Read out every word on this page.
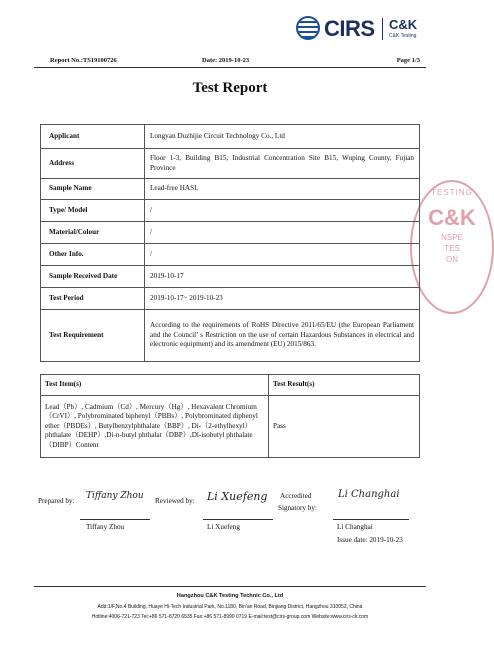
TESTING
C&K
NSPE
TES
ON
CIRS C&K
C&K Testing
Report No.:TS19100726	Date: 2019-10-23	Page 1/3
Test Report
Applicant	Longyan Duzhijie Circuit Technology Co., Ltd
Address	Floor 1-3, Building B15, Industrial Concentration Site B15, Wuping County, Fujian Province
Sample Name	Lead-free HASL
Type/ Model	/
Material/Colour	/
Other Info.	/
Sample Received Date	2019-10-17
Test Period	2019-10-17~ 2019-10-23
Test Requirement	According to the requirements of RoHS Directive 2011/65/EU (the European Parliament and the Council’ s Restriction on the use of certain Hazardous Substances in electrical and electronic equipment) and its amendment (EU) 2015/863.
Test Item(s)	Test Result(s)
Lead（Pb）, Cadmium（Cd）, Mercury（Hg）, Hexavalent Chromium（CrVI）, Polybrominated biphenyl（PBBs）, Polybrominated diphenyl ether（PBDEs）, Butylbenzylphthalate（BBP）, Di-（2-ethylhexyl）phthalate（DEHP）,Di-n-butyl phthalat（DBP）,Di-isobutyl phthalate（DIBP）Content	Pass
Prepared by: Tiffany Zhou
Tiffany Zhou
Reviewed by: Li Xuefeng
Li Xuefeng
Accredited
Signatory by:
Li Changhai
Li Changhai
Issue date: 2019-10-23
Hangzhou C&K Testing Technic Co., Ltd
Add:1/F,No.4 Building, Huaye Hi-Tech Industrial Park, No.1180, Bin'an Road, Binjiang District, Hangzhou 310052, China
Hotline:4006-721-723 Tel:+86 571-8720 6535 Fax:+86 571-8990 0719 E-mail:test@cirs-group.com Website:www.cirs-ck.com
